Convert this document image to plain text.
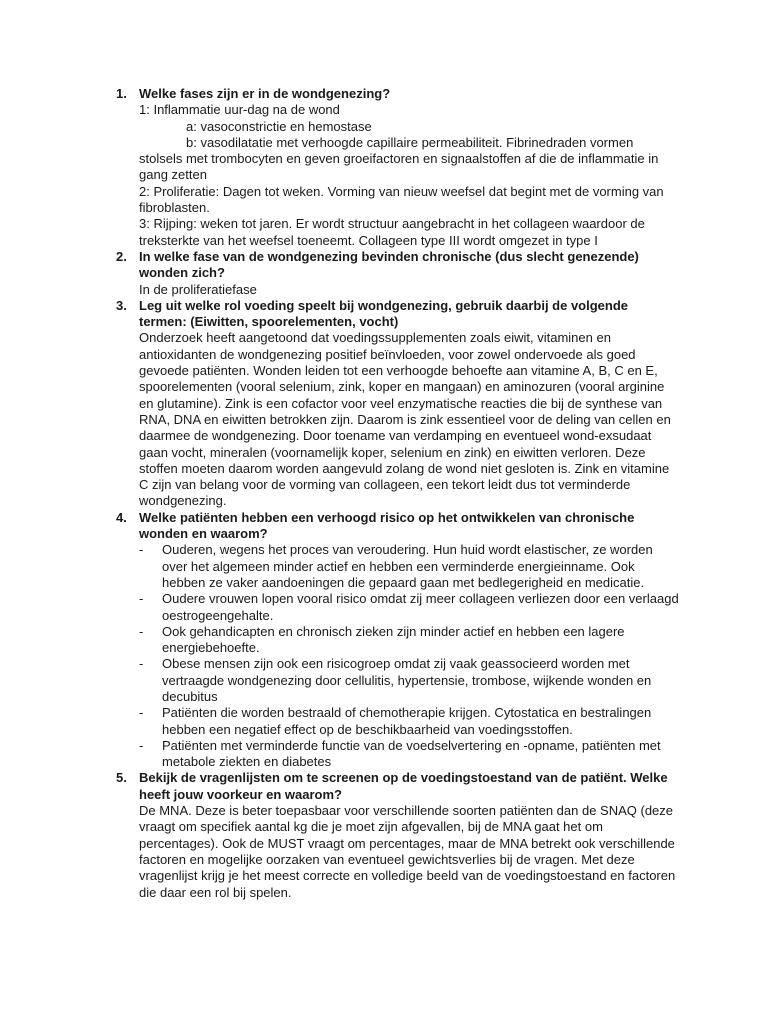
1. Welke fases zijn er in de wondgenezing?
1: Inflammatie uur-dag na de wond
a: vasoconstrictie en hemostase
b: vasodilatatie met verhoogde capillaire permeabiliteit. Fibrinedraden vormen stolsels met trombocyten en geven groeifactoren en signaalstoffen af die de inflammatie in gang zetten
2: Proliferatie: Dagen tot weken. Vorming van nieuw weefsel dat begint met de vorming van fibroblasten.
3: Rijping: weken tot jaren. Er wordt structuur aangebracht in het collageen waardoor de treksterkte van het weefsel toeneemt. Collageen type III wordt omgezet in type I
2. In welke fase van de wondgenezing bevinden chronische (dus slecht genezende) wonden zich?
In de proliferatiefase
3. Leg uit welke rol voeding speelt bij wondgenezing, gebruik daarbij de volgende termen: (Eiwitten, spoorelementen, vocht)
Onderzoek heeft aangetoond dat voedingssupplementen zoals eiwit, vitaminen en antioxidanten de wondgenezing positief beïnvloeden, voor zowel ondervoede als goed gevoede patiënten. Wonden leiden tot een verhoogde behoefte aan vitamine A, B, C en E, spoorelementen (vooral selenium, zink, koper en mangaan) en aminozuren (vooral arginine en glutamine). Zink is een cofactor voor veel enzymatische reacties die bij de synthese van RNA, DNA en eiwitten betrokken zijn. Daarom is zink essentieel voor de deling van cellen en daarmee de wondgenezing. Door toename van verdamping en eventueel wond-exsudaat gaan vocht, mineralen (voornamelijk koper, selenium en zink) en eiwitten verloren. Deze stoffen moeten daarom worden aangevuld zolang de wond niet gesloten is. Zink en vitamine C zijn van belang voor de vorming van collageen, een tekort leidt dus tot verminderde wondgenezing.
4. Welke patiënten hebben een verhoogd risico op het ontwikkelen van chronische wonden en waarom?
- Ouderen, wegens het proces van veroudering. Hun huid wordt elastischer, ze worden over het algemeen minder actief en hebben een verminderde energieinname. Ook hebben ze vaker aandoeningen die gepaard gaan met bedlegerigheid en medicatie.
- Oudere vrouwen lopen vooral risico omdat zij meer collageen verliezen door een verlaagd oestrogeengehalte.
- Ook gehandicapten en chronisch zieken zijn minder actief en hebben een lagere energiebehoefte.
- Obese mensen zijn ook een risicogroep omdat zij vaak geassocieerd worden met vertraagde wondgenezing door cellulitis, hypertensie, trombose, wijkende wonden en decubitus
- Patiënten die worden bestraald of chemotherapie krijgen. Cytostatica en bestralingen hebben een negatief effect op de beschikbaarheid van voedingsstoffen.
- Patiënten met verminderde functie van de voedselvertering en -opname, patiënten met metabole ziekten en diabetes
5. Bekijk de vragenlijsten om te screenen op de voedingstoestand van de patiënt. Welke heeft jouw voorkeur en waarom?
De MNA. Deze is beter toepasbaar voor verschillende soorten patiënten dan de SNAQ (deze vraagt om specifiek aantal kg die je moet zijn afgevallen, bij de MNA gaat het om percentages). Ook de MUST vraagt om percentages, maar de MNA betrekt ook verschillende factoren en mogelijke oorzaken van eventueel gewichtsverlies bij de vragen. Met deze vragenlijst krijg je het meest correcte en volledige beeld van de voedingstoestand en factoren die daar een rol bij spelen.
